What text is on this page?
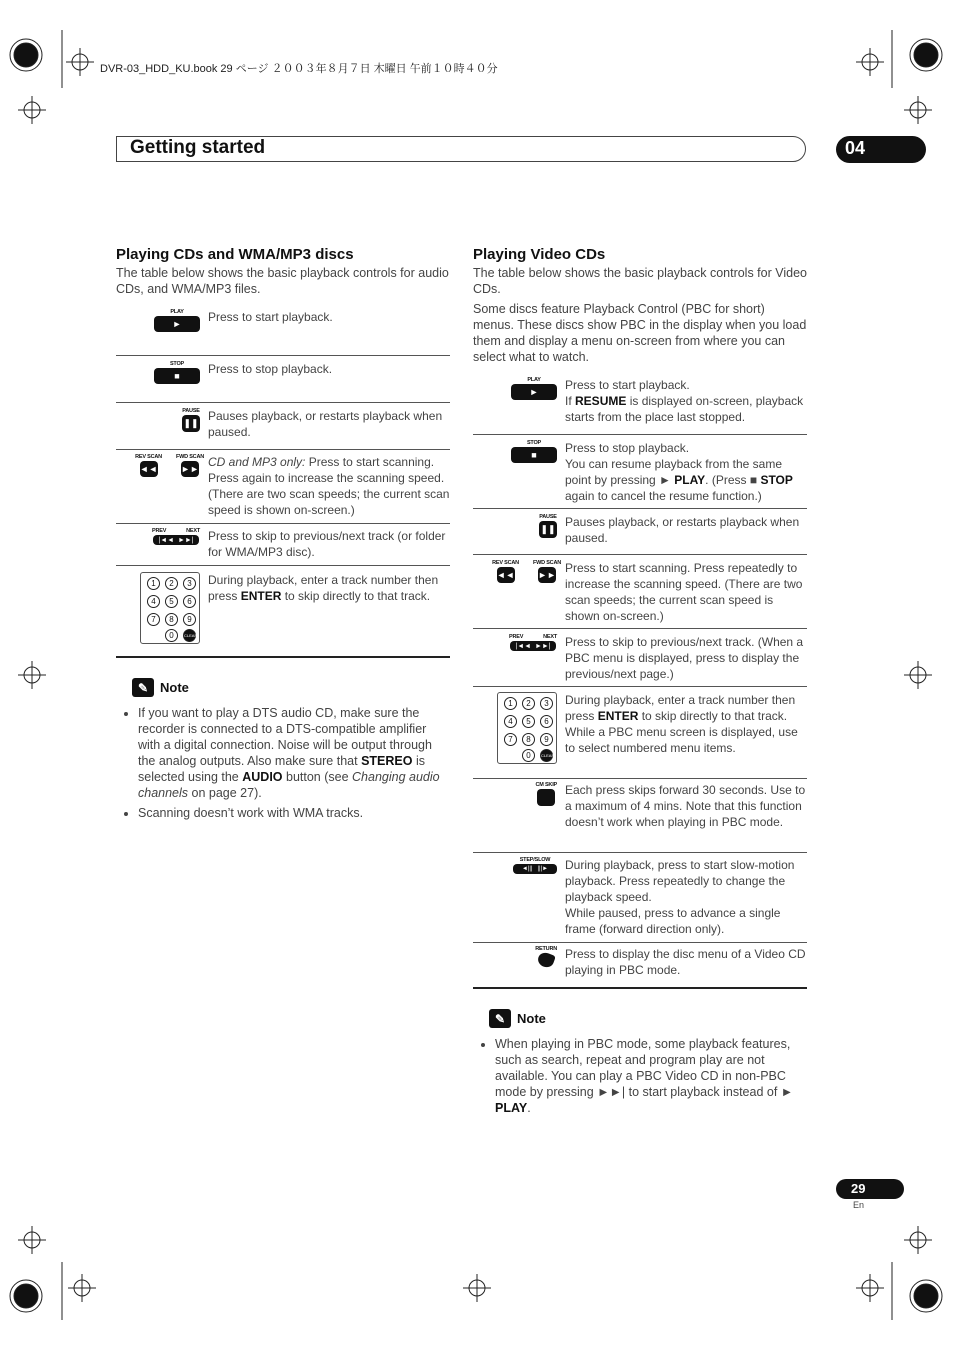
DVR-03_HDD_KU.book 29 ページ ２００３年８月７日 木曜日 午前１０時４０分
Getting started	04
Playing CDs and WMA/MP3 discs

The table below shows the basic playback controls for audio CDs, and WMA/MP3 files.

PLAY
►	Press to start playback.
STOP
■	Press to stop playback.
PAUSE
❚❚ Pauses playback, or restarts playback when paused.
REV SCAN
◄◄
FWD SCAN
►► CD and MP3 only: Press to start scanning. Press again to increase the scanning speed. (There are two scan speeds; the current scan speed is shown on-screen.)
PREV	NEXT
|◄◄  ►►|	Press to skip to previous/next track (or folder for WMA/MP3 disc).
1	2	3
4	5	6
7	8	9
0	CLEAR
During playback, enter a track number then press ENTER to skip directly to that track.
✎ Note
• If you want to play a DTS audio CD, make sure the recorder is connected to a DTS-compatible amplifier with a digital connection. Noise will be output through the analog outputs. Also make sure that STEREO is selected using the AUDIO button (see Changing audio channels on page 27).
• Scanning doesn’t work with WMA tracks.
Playing Video CDs

The table below shows the basic playback controls for Video CDs.

Some discs feature Playback Control (PBC for short) menus. These discs show PBC in the display when you load them and display a menu on-screen from where you can select what to watch.

PLAY
►	Press to start playback.
If RESUME is displayed on-screen, playback starts from the place last stopped.
STOP
■	Press to stop playback.
You can resume playback from the same point by pressing ► PLAY. (Press ■ STOP again to cancel the resume function.)
PAUSE
❚❚ Pauses playback, or restarts playback when paused.
REV SCAN
◄◄
FWD SCAN
►► Press to start scanning. Press repeatedly to increase the scanning speed. (There are two scan speeds; the current scan speed is shown on-screen.)
PREV	NEXT
|◄◄  ►►|	Press to skip to previous/next track. (When a PBC menu is displayed, press to display the previous/next page.)
1	2	3
4	5	6
7	8	9
0	CLEAR
During playback, enter a track number then press ENTER to skip directly to that track.
While a PBC menu screen is displayed, use to select numbered menu items.
CM SKIP Each press skips forward 30 seconds. Use to a maximum of 4 mins. Note that this function doesn’t work when playing in PBC mode.
STEP/SLOW
◄|||   |||►	During playback, press to start slow-motion playback. Press repeatedly to change the playback speed.
While paused, press to advance a single frame (forward direction only).
RETURN Press to display the disc menu of a Video CD playing in PBC mode.
✎ Note
• When playing in PBC mode, some playback features, such as search, repeat and program play are not available. You can play a PBC Video CD in non-PBC mode by pressing ►►| to start playback instead of ► PLAY.
29
En
